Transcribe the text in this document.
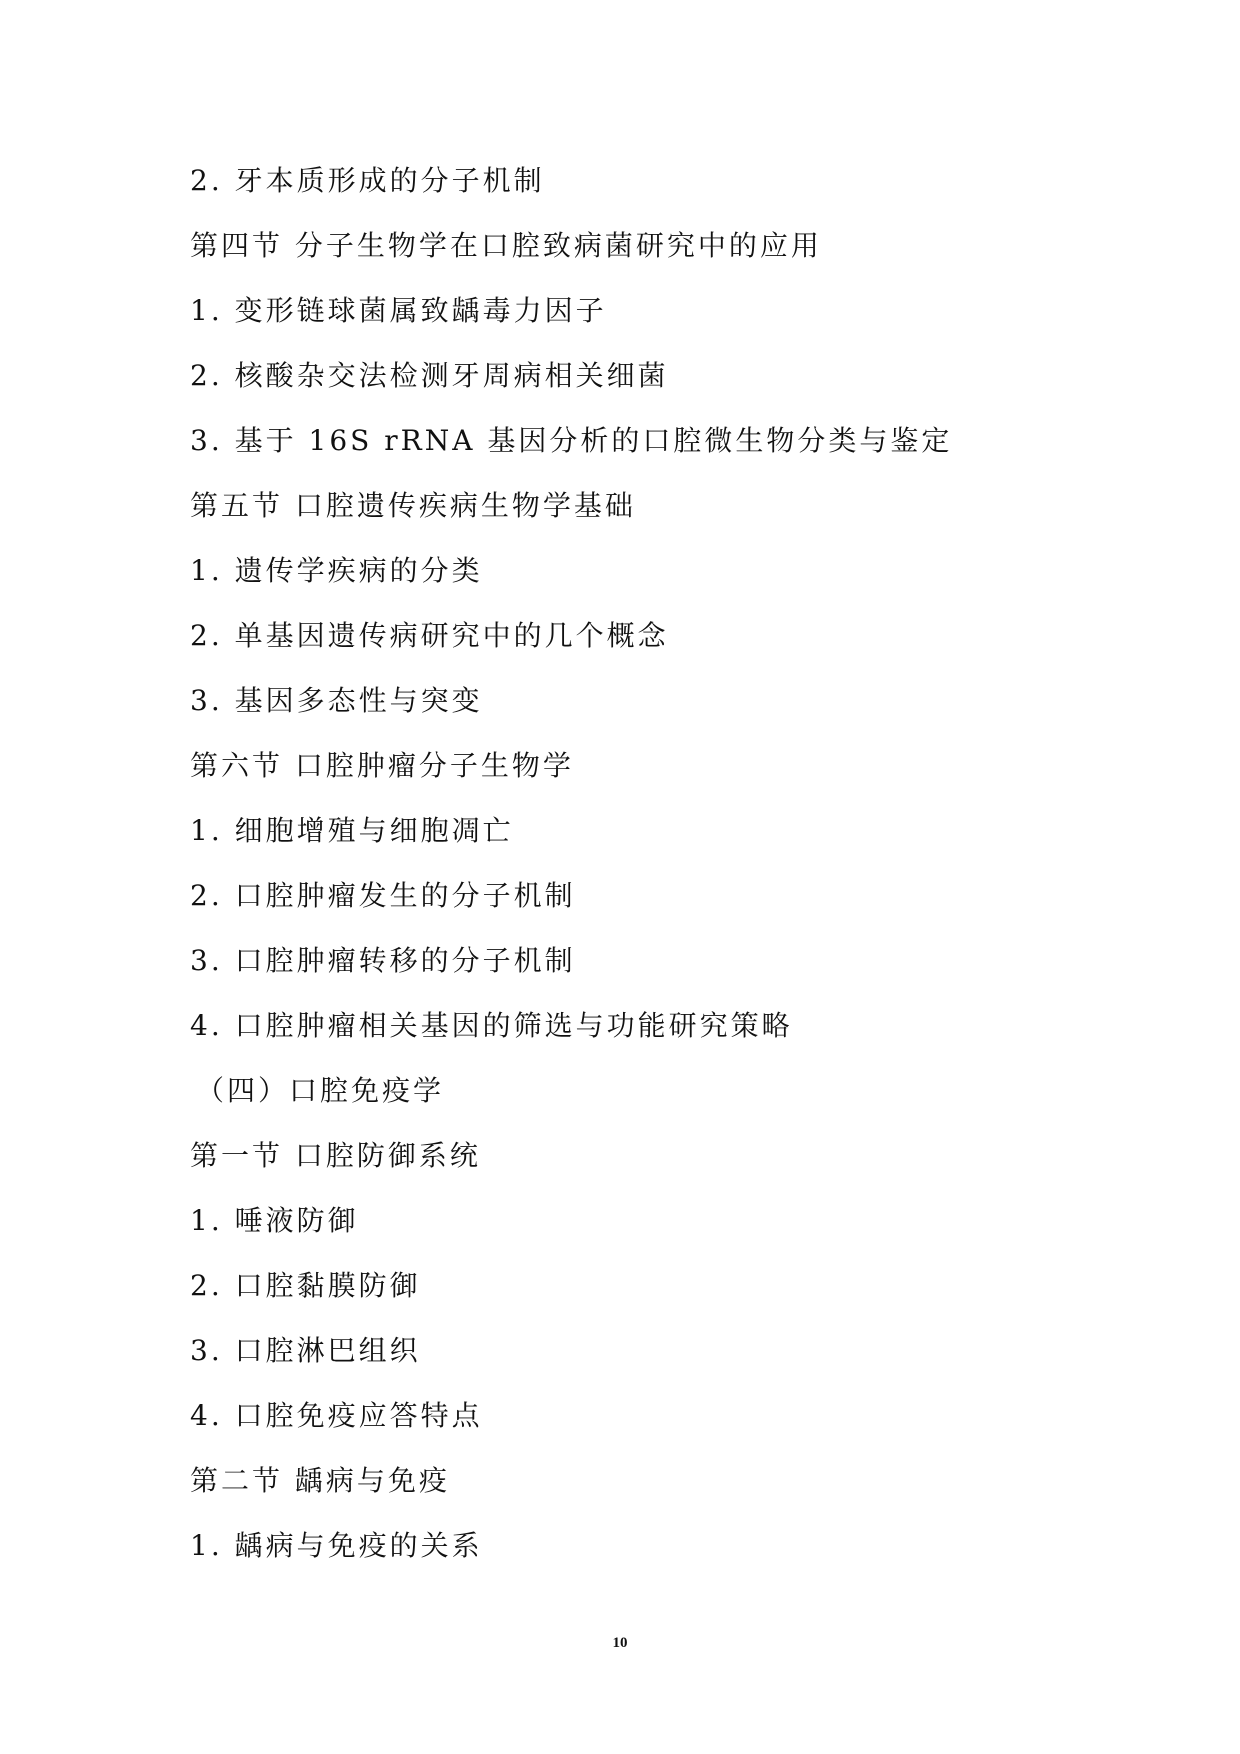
2. 牙本质形成的分子机制
第四节 分子生物学在口腔致病菌研究中的应用
1. 变形链球菌属致龋毒力因子
2. 核酸杂交法检测牙周病相关细菌
3. 基于 16S rRNA 基因分析的口腔微生物分类与鉴定
第五节 口腔遗传疾病生物学基础
1. 遗传学疾病的分类
2. 单基因遗传病研究中的几个概念
3. 基因多态性与突变
第六节 口腔肿瘤分子生物学
1. 细胞增殖与细胞凋亡
2. 口腔肿瘤发生的分子机制
3. 口腔肿瘤转移的分子机制
4. 口腔肿瘤相关基因的筛选与功能研究策略
（四）口腔免疫学
第一节 口腔防御系统
1. 唾液防御
2. 口腔黏膜防御
3. 口腔淋巴组织
4. 口腔免疫应答特点
第二节 龋病与免疫
1. 龋病与免疫的关系
10
